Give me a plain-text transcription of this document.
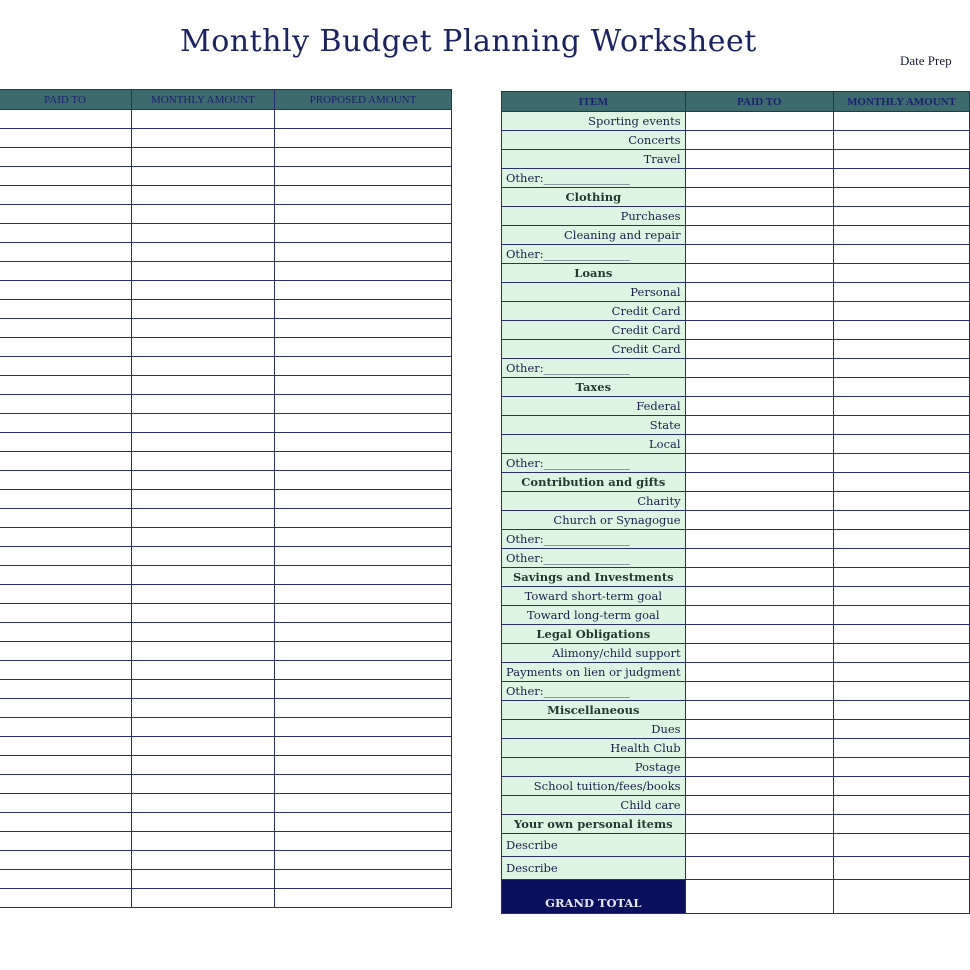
Monthly Budget Planning Worksheet
Date Prep
PAID TO	MONTHLY AMOUNT	PROPOSED AMOUNT

			ITEM	PAID TO	MONTHLY AMOUNT
Sporting events		
Concerts		
Travel		
Other:_______________		
Clothing		
Purchases		
Cleaning and repair		
Other:_______________		
Loans		
Personal		
Credit Card		
Credit Card		
Credit Card		
Other:_______________		
Taxes		
Federal		
State		
Local		
Other:_______________		
Contribution and gifts		
Charity		
Church or Synagogue		
Other:_______________		
Other:_______________		
Savings and Investments		
Toward short-term goal		
Toward long-term goal		
Legal Obligations		
Alimony/child support		
Payments on lien or judgment		
Other:_______________		
Miscellaneous		
Dues		
Health Club		
Postage		
School tuition/fees/books		
Child care		
Your own personal items		
Describe		
Describe		
GRAND TOTAL		
